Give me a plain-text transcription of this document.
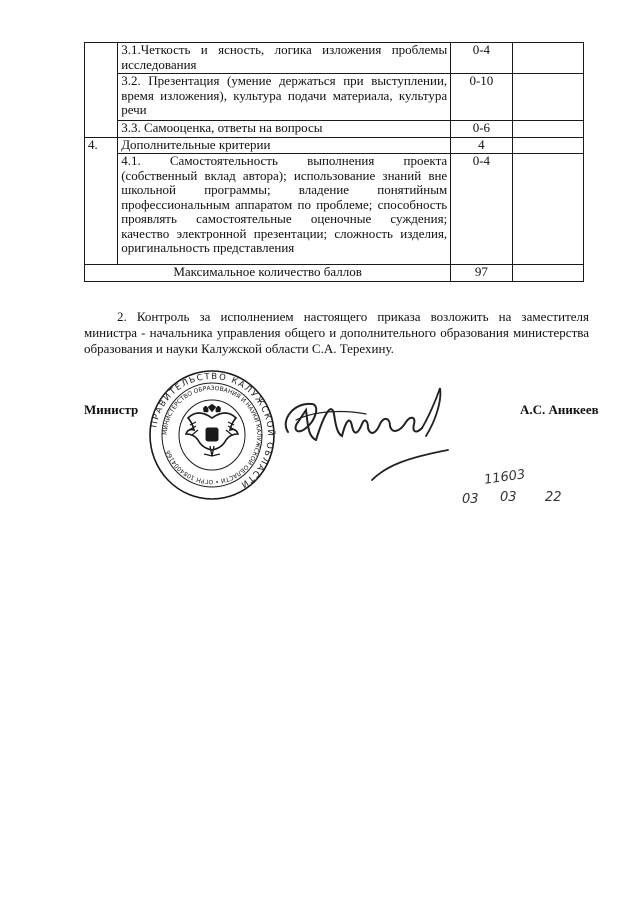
	3.1.Четкость и ясность, логика изложения проблемы исследования	0-4	
	3.2. Презентация (умение держаться при выступлении, время изложения), культура подачи материала, культура речи	0-10	
	3.3. Самооценка, ответы на вопросы	0-6	
4.	Дополнительные критерии	4	
	4.1. Самостоятельность выполнения проекта (собственный вклад автора); использование знаний вне школьной программы; владение понятийным профессиональным аппаратом по проблеме; способность проявлять самостоятельные оценочные суждения; качество электронной презентации; сложность изделия, оригинальность представления	0-4	
Максимальное количество баллов		97	

2. Контроль за исполнением настоящего приказа возложить на заместителя министра - начальника управления общего и дополнительного образования министерства образования и науки Калужской области С.А. Терехину.

Министр	А.С. Аникеев
ПРАВИТЕЛЬСТВО КАЛУЖСКОЙ ОБЛАСТИ
МИНИСТЕРСТВО ОБРАЗОВАНИЯ И НАУКИ КАЛУЖСКОЙ ОБЛАСТИ • ОГРН 1084004166
11603
03 03 22
